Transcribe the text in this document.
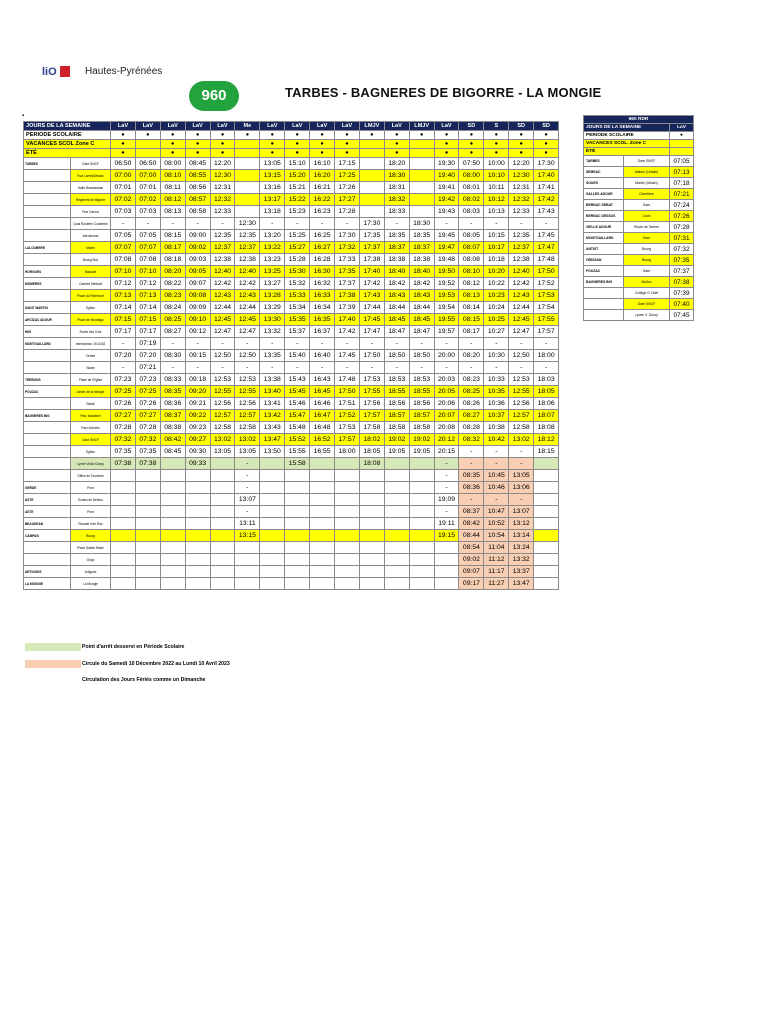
liO	Hautes-Pyrénées
960	TARBES - BAGNERES DE BIGORRE - LA MONGIE
▪
JOURS DE LA SEMAINE		LaV	LaV	LaV	LaV	LaV	Me	LaV	LaV	LaV	LaV	LMJV	LaV	LMJV	LaV	SD	S	SD	SD
PERIODE SCOLAIRE		●	●	●	●	●	●	●	●	●	●	●	●	●	●	●	●	●	●
VACANCES SCOL Zone C		●		●	●	●		●	●	●	●		●		●	●	●	●	●
ÉTÉ		●		●	●	●		●	●	●	●		●		●	●	●	●	●
TARBES	Gare SNCF	06:50	06:50	08:00	08:45	12:20		13:05	15:10	16:10	17:15		18:20		19:30	07:50	10:00	12:20	17:30
	Rue Larrey/Desaix	07:00	07:00	08:10	08:55	12:30		13:15	15:20	16:20	17:25		18:30		19:40	08:00	10:10	12:30	17:40
	Halle Brauhauban	07:01	07:01	08:11	08:56	12:31		13:16	15:21	16:21	17:26		18:31		19:41	08:01	10:11	12:31	17:41
	Régiment de Bigorre	07:02	07:02	08:12	08:57	12:32		13:17	15:22	16:22	17:27		18:32		19:42	08:02	10:12	12:32	17:42
	Rue Carnot	07:03	07:03	08:13	08:58	12:33		13:18	15:23	16:23	17:28		18:33		19:43	08:03	10:13	12:33	17:43
	Quai Roulière Coubertin	-	-	-	-	-	12:30	-	-	-	-	17:30	-	18:30	-	-	-	-	-
	Aérodrome	07:05	07:05	08:15	09:00	12:35	12:35	13:20	15:25	16:25	17:30	17:35	18:35	18:35	19:45	08:05	10:15	12:35	17:45
LALOUBERE	Mairie	07:07	07:07	08:17	09:02	12:37	12:37	13:22	15:27	16:27	17:32	17:37	18:37	18:37	19:47	08:07	10:17	12:37	17:47
	Bourg Sud	07:08	07:08	08:18	09:03	12:38	12:38	13:23	15:28	16:28	17:33	17:38	18:38	18:38	19:48	08:08	10:18	12:38	17:48
HORGUES	Bascule	07:10	07:10	08:20	09:05	12:40	12:40	13:25	15:30	16:30	17:35	17:40	18:40	18:40	19:50	08:10	10:20	12:40	17:50
MOMERES	Cabinet Médical	07:12	07:12	08:22	09:07	12:42	12:42	13:27	15:32	16:32	17:37	17:42	18:42	18:42	19:52	08:12	10:22	12:42	17:52
	Place du Palemont	07:13	07:13	08:23	09:08	12:43	12:43	13:28	15:33	16:33	17:38	17:43	18:43	18:43	19:53	08:13	10:23	12:43	17:53
SAINT MARTIN	Eglise	07:14	07:14	08:24	09:09	12:44	12:44	13:29	15:34	16:34	17:39	17:44	18:44	18:44	19:54	08:14	10:24	12:44	17:54
ARCIZAC ADOUR	Place de Montaigu	07:15	07:15	08:25	09:10	12:45	12:45	13:30	15:35	16:35	17:40	17:45	18:45	18:45	19:55	08:15	10:25	12:45	17:55
HIIS	Route des Cols	07:17	07:17	08:27	09:12	12:47	12:47	13:32	15:37	16:37	17:42	17:47	18:47	18:47	19:57	08:17	10:27	12:47	17:57
MONTGAILLARD	Intersection 19-D162	-	07:19	-	-	-	-	-	-	-	-	-	-	-	-	-	-	-	-
	Centre	07:20	07:20	08:30	09:15	12:50	12:50	13:35	15:40	16:40	17:45	17:50	18:50	18:50	20:00	08:20	10:30	12:50	18:00
	Stade	-	07:21	-	-	-	-	-	-	-	-	-	-	-	-	-	-	-	-
TREBONS	Place de l'Eglise	07:23	07:23	08:33	09:18	12:53	12:53	13:38	15:43	16:43	17:48	17:53	18:53	18:53	20:03	08:23	10:33	12:53	18:03
POUZAC	Jardin de la Mongie	07:25	07:25	08:35	09:20	12:55	12:55	13:40	15:45	16:45	17:50	17:55	18:55	18:55	20:05	08:25	10:35	12:55	18:05
	Stade	07:26	07:26	08:36	09:21	12:56	12:56	13:41	15:46	16:46	17:51	17:56	18:56	18:56	20:06	08:26	10:36	12:56	18:06
BAGNERES BIG	Parc Industriel	07:27	07:27	08:37	09:22	12:57	12:57	13:42	15:47	16:47	17:52	17:57	18:57	18:57	20:07	08:27	10:37	12:57	18:07
	Parc Achichs	07:28	07:28	08:38	09:23	12:58	12:58	13:43	15:48	16:48	17:53	17:58	18:58	18:58	20:08	08:28	10:38	12:58	18:08
	Gare SNCF	07:32	07:32	08:42	09:27	13:02	13:02	13:47	15:52	16:52	17:57	18:02	19:02	19:02	20:12	08:32	10:42	13:02	18:12
	Eglise	07:35	07:35	08:45	09:30	13:05	13:05	13:50	15:55	16:55	18:00	18:05	19:05	19:05	20:15	-	-	-	18:15
	Lycée Victor Duruy	07:38	07:38		09:33		-		15:58			18:08			-	-	-	-	
	Office de Tourisme						-								-	08:35	10:45	13:05	
GERDE	Pont						-								-	08:36	10:46	13:06	
ASTE	Ecoles de Neleus						13:07								19:09	-	-	-	
ASTE	Pont						-								-	08:37	10:47	13:07	
BEAUDEAN	Rocade d'en Rac						13:11								19:11	08:42	10:52	13:12	
CAMPAN	Bourg						13:15								19:15	08:44	10:54	13:14	
	Place Sainte Marie															08:54	11:04	13:24	
	Gripp															09:02	11:12	13:32	
ARTIGUES	Artigues															09:07	11:17	13:37	
LA MONGIE	La Mongie															09:17	11:27	13:47	
960 RDR		
JOURS DE LA SEMAINE		LaV
PERIODE SCOLAIRE		●
VACANCES SCOL. Zone C		
ÉTÉ		
TARBES	Gare SNCF	07:05
SEMEAC	Alstom (Urbain)	07:13
SOUES	Mairie (Urbain)	07:18
SALLES ADOUR	Cimetière	07:21
BERNAC DEBAT	Gare	07:24
BERNAC DESSUS	Croix	07:26
VIELLE ADOUR	Route de Tarbes	07:28
MONTGAILLARD	Gare	07:31
ANTIST	Bourg	07:32
ORDIZAN	Bourg	07:35
POUZAC	Gare	07:37
BAGNERES BIG	Mollon	07:38
	Collège G Odet	07:39
	Gare SNCF	07:40
	Lycée V. Duruy	07:45
Point d'arrêt desservi en Période Scolaire
Circule du Samedi 10 Décembre 2022 au Lundi 10 Avril 2023
Circulation des Jours Fériés comme un Dimanche
